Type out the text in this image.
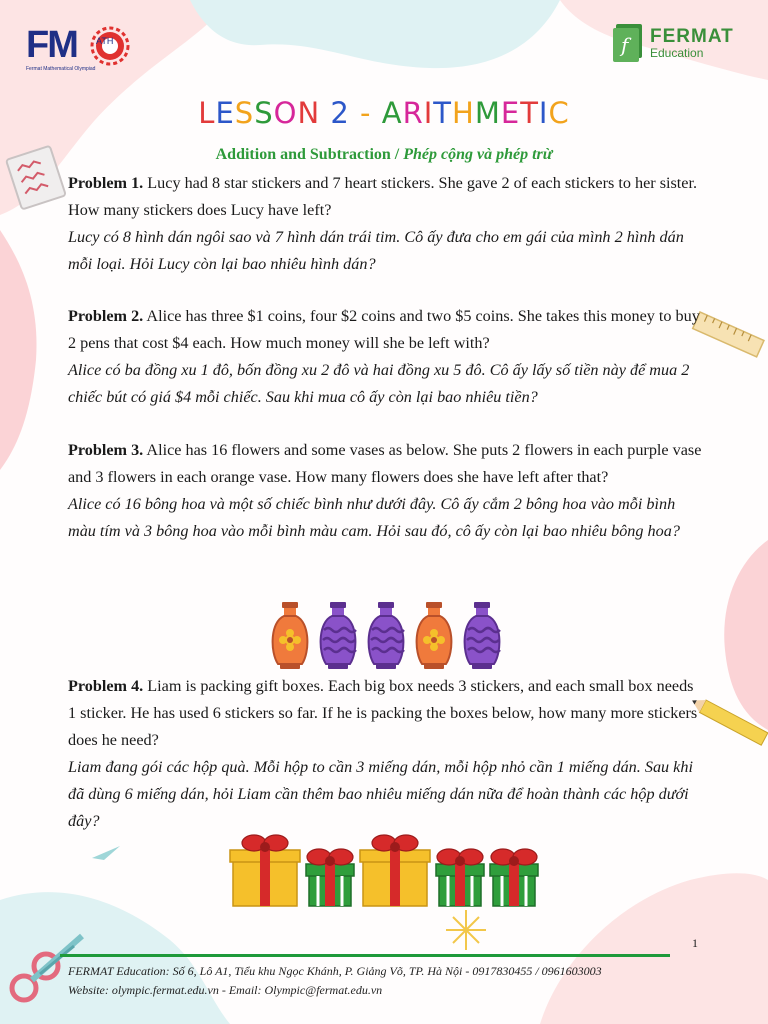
FM ATH
Fermat Mathematical Olympiad
f FERMAT
Education
LESSON 2 - ARITHMETIC
Addition and Subtraction / Phép cộng và phép trừ
Problem 1. Lucy had 8 star stickers and 7 heart stickers. She gave 2 of each stickers to her sister. How many stickers does Lucy have left?
Lucy có 8 hình dán ngôi sao và 7 hình dán trái tim. Cô ấy đưa cho em gái của mình 2 hình dán mỗi loại. Hỏi Lucy còn lại bao nhiêu hình dán?
Problem 2. Alice has three $1 coins, four $2 coins and two $5 coins. She takes this money to buy 2 pens that cost $4 each. How much money will she be left with?
Alice có ba đồng xu 1 đô, bốn đồng xu 2 đô và hai đồng xu 5 đô. Cô ấy lấy số tiền này để mua 2 chiếc bút có giá $4 mỗi chiếc. Sau khi mua cô ấy còn lại bao nhiêu tiền?
Problem 3. Alice has 16 flowers and some vases as below. She puts 2 flowers in each purple vase and 3 flowers in each orange vase. How many flowers does she have left after that?
Alice có 16 bông hoa và một số chiếc bình như dưới đây. Cô ấy cắm 2 bông hoa vào mỗi bình màu tím và 3 bông hoa vào mỗi bình màu cam. Hỏi sau đó, cô ấy còn lại bao nhiêu bông hoa?
Problem 4. Liam is packing gift boxes. Each big box needs 3 stickers, and each small box needs 1 sticker. He has used 6 stickers so far. If he is packing the boxes below, how many more stickers does he need?
Liam đang gói các hộp quà. Mỗi hộp to cần 3 miếng dán, mỗi hộp nhỏ cần 1 miếng dán. Sau khi đã dùng 6 miếng dán, hỏi Liam cần thêm bao nhiêu miếng dán nữa để hoàn thành các hộp dưới đây?
1
FERMAT Education: Số 6, Lô A1, Tiểu khu Ngọc Khánh, P. Giảng Võ, TP. Hà Nội - 0917830455 / 0961603003
Website: olympic.fermat.edu.vn - Email: Olympic@fermat.edu.vn
